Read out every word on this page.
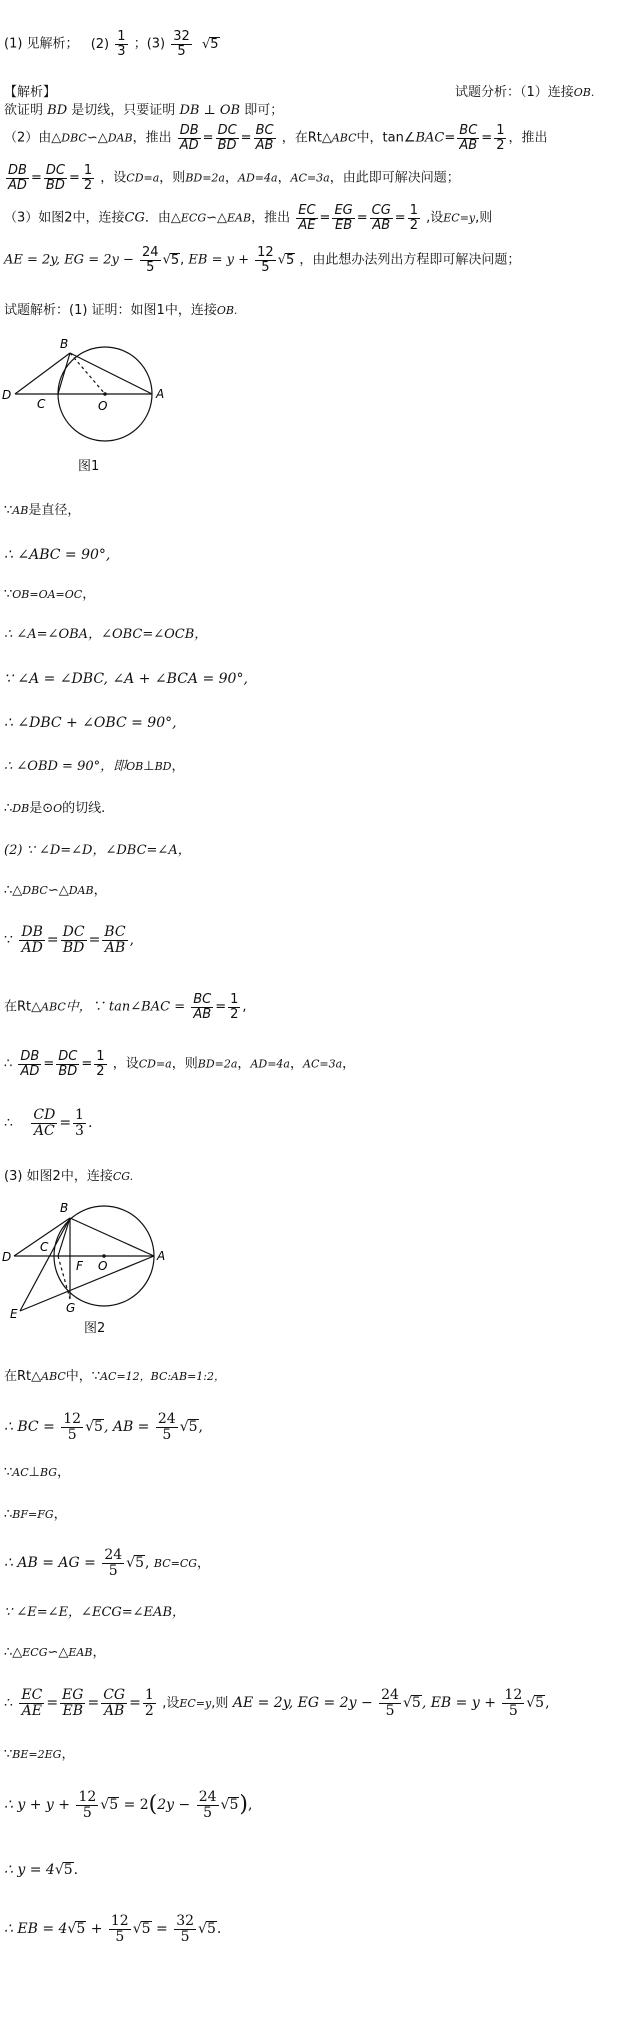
(1) 见解析； $(2) \frac{1}{3}$ ；$(3) \frac{32}{5} √5$
【解析】	试题分析：（1）连接OB.
欲证明 BD 是切线，只要证明 DB ⊥ OB 即可；
（2）由△DBC∽△DAB，推出 $\frac{DB}{AD} = \frac{DC}{BD} = \frac{BC}{AB}$ ，在Rt△ABC中，tan∠BAC= $\frac{BC}{AB} = \frac{1}{2}$ ，推出
$\frac{DB}{AD} = \frac{DC}{BD} = \frac{1}{2}$ ，设CD=a，则BD=2a，AD=4a，AC=3a，由此即可解决问题；
（3）如图2中，连接CG．由△ECG∽△EAB，推出 $\frac{EC}{AE} = \frac{EG}{EB} = \frac{CG}{AB} = \frac{1}{2}$ ,设EC=y,则
AE = 2y, EG = $2y - \frac{24}{5} √5$, EB = $y + \frac{12}{5} √5$ ，由此想办法列出方程即可解决问题；
试题解析：(1) 证明：如图1中，连接OB.
B
D
C	O
A
图1
∵AB是直径，
∴ ∠ABC = 90°,
∵OB=OA=OC，
∴ ∠A=∠OBA，∠OBC=∠OCB，
∵ ∠A = ∠DBC, ∠A + ∠BCA = 90°,
∴ ∠DBC + ∠OBC = 90°,
∴ ∠OBD = 90°，即OB⊥BD，
∴DB是⊙O的切线.
(2) ∵ ∠D=∠D，∠DBC=∠A，
∴△DBC∽△DAB，
∵ $\frac{DB}{AD} = \frac{DC}{BD} = \frac{BC}{AB}$ ,
在Rt△ABC中，∵ tan∠BAC = $\frac{BC}{AB} = \frac{1}{2}$ ,
∴ $\frac{DB}{AD} = \frac{DC}{BD} = \frac{1}{2}$ ，设CD=a，则BD=2a，AD=4a，AC=3a，
∴ $\frac{CD}{AC} = \frac{1}{3}$ .
(3) 如图2中，连接CG.
B
D
C
F O
A
E	G
图2
在Rt△ABC中，∵AC=12，BC:AB=1:2，
∴ BC = $\frac{12}{5} √5$, AB = $\frac{24}{5} √5$,
∵AC⊥BG，
∴BF=FG，
∴ AB = AG = $\frac{24}{5} √5$, BC=CG，
∵ ∠E=∠E，∠ECG=∠EAB，
∴△ECG∽△EAB，
∴ $\frac{EC}{AE} = \frac{EG}{EB} = \frac{CG}{AB} = \frac{1}{2}$ ,设EC=y,则 AE = 2y, EG = $2y - \frac{24}{5} √5$, EB = $y + \frac{12}{5} √5$,
∵BE=2EG，
∴ $y + y + \frac{12}{5} √5 = 2(2y - \frac{24}{5} √5)$,
∴ y = 4√5.
∴ EB = $4√5 + \frac{12}{5} √5 = \frac{32}{5} √5$.
